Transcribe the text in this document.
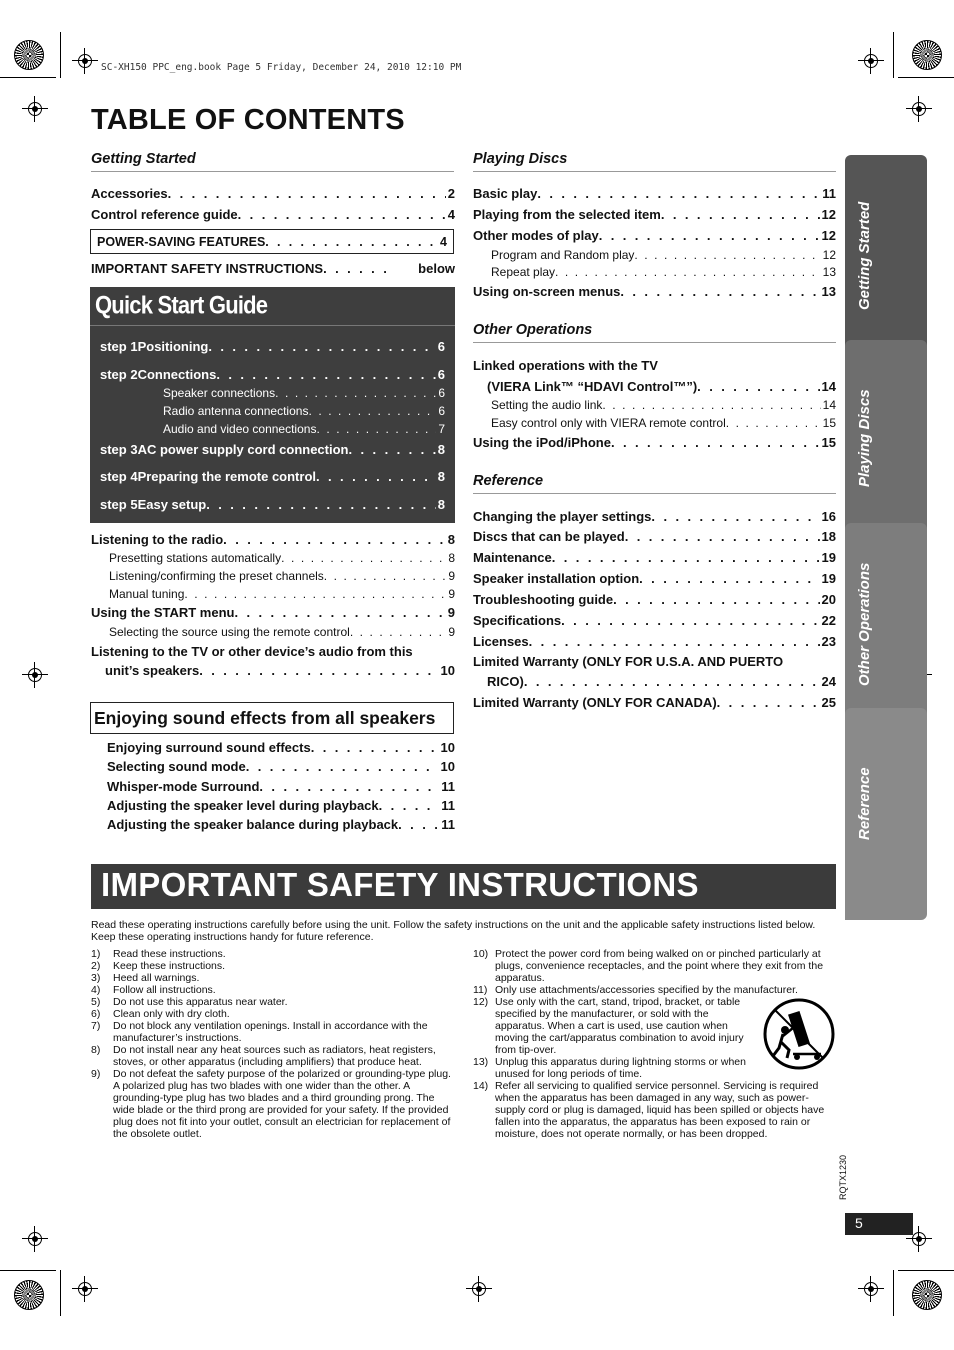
SC-XH150 PPC_eng.book Page 5 Friday, December 24, 2010 12:10 PM
TABLE OF CONTENTS
Getting Started
Accessories . . .	2
Control reference guide . . .	4
POWER-SAVING FEATURES . . .	4
IMPORTANT SAFETY INSTRUCTIONS . . .	below
Quick Start Guide
step 1 Positioning . . .	6
step 2 Connections . . .	6
Speaker connections . . .	6
Radio antenna connections . . .	6
Audio and video connections . . .	7
step 3 AC power supply cord connection . . .	8
step 4 Preparing the remote control . . .	8
step 5 Easy setup . . .	8
Listening to the radio . . .	8
Presetting stations automatically . . .	8
Listening/confirming the preset channels . . .	9
Manual tuning . . .	9
Using the START menu . . .	9
Selecting the source using the remote control . . .	9
Listening to the TV or other device’s audio from this
unit’s speakers . . .	10
Enjoying sound effects from all speakers
Enjoying surround sound effects . . .	10
Selecting sound mode . . .	10
Whisper-mode Surround . . .	11
Adjusting the speaker level during playback . . .	11
Adjusting the speaker balance during playback . . .	11
Playing Discs
Basic play . . .	11
Playing from the selected item . . .	12
Other modes of play . . .	12
Program and Random play . . .	12
Repeat play . . .	13
Using on-screen menus . . .	13
Other Operations
Linked operations with the TV
(VIERA Link™ “HDAVI Control™”) . . .	14
Setting the audio link . . .	14
Easy control only with VIERA remote control . . .	15
Using the iPod/iPhone . . .	15
Reference
Changing the player settings . . .	16
Discs that can be played . . .	18
Maintenance . . .	19
Speaker installation option . . .	19
Troubleshooting guide . . .	20
Specifications . . .	22
Licenses . . .	23
Limited Warranty (ONLY FOR U.S.A. AND PUERTO
RICO) . . .	24
Limited Warranty (ONLY FOR CANADA) . . .	25
Getting Started
Playing Discs
Other Operations
Reference
IMPORTANT SAFETY INSTRUCTIONS
Read these operating instructions carefully before using the unit. Follow the safety instructions on the unit and the applicable safety instructions listed below. Keep these operating instructions handy for future reference.
1)	Read these instructions.
2)	Keep these instructions.
3)	Heed all warnings.
4)	Follow all instructions.
5)	Do not use this apparatus near water.
6)	Clean only with dry cloth.
7)	Do not block any ventilation openings. Install in accordance with the manufacturer’s instructions.
8)	Do not install near any heat sources such as radiators, heat registers, stoves, or other apparatus (including amplifiers) that produce heat.
9)	Do not defeat the safety purpose of the polarized or grounding-type plug. A polarized plug has two blades with one wider than the other. A grounding-type plug has two blades and a third grounding prong. The wide blade or the third prong are provided for your safety. If the provided plug does not fit into your outlet, consult an electrician for replacement of the obsolete outlet.
10) Protect the power cord from being walked on or pinched particularly at plugs, convenience receptacles, and the point where they exit from the apparatus.
11) Only use attachments/accessories specified by the manufacturer.
12) Use only with the cart, stand, tripod, bracket, or table specified by the manufacturer, or sold with the apparatus. When a cart is used, use caution when moving the cart/apparatus combination to avoid injury from tip-over.
13) Unplug this apparatus during lightning storms or when unused for long periods of time.
14) Refer all servicing to qualified service personnel. Servicing is required when the apparatus has been damaged in any way, such as power-supply cord or plug is damaged, liquid has been spilled or objects have fallen into the apparatus, the apparatus has been exposed to rain or moisture, does not operate normally, or has been dropped.
RQTX1230
5
